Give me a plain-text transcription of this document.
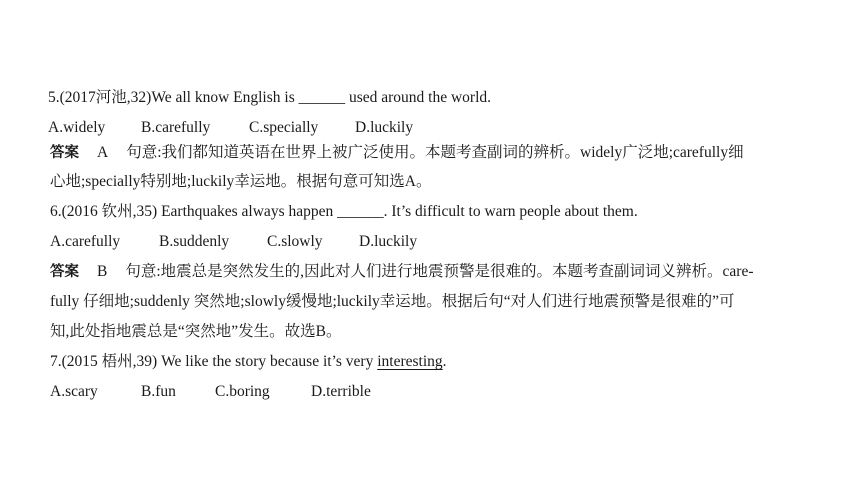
5.(2017河池,32)We all know English is ______ used around the world.
A.widely B.carefully C.specially D.luckily
答案 A 句意:我们都知道英语在世界上被广泛使用。本题考查副词的辨析。widely广泛地;carefully细
心地;specially特别地;luckily幸运地。根据句意可知选A。
6.(2016 钦州,35) Earthquakes always happen ______. It’s difficult to warn people about them.
A.carefully	B.suddenly C.slowly D.luckily
答案 B 句意:地震总是突然发生的,因此对人们进行地震预警是很难的。本题考查副词词义辨析。care-
fully 仔细地;suddenly 突然地;slowly缓慢地;luckily幸运地。根据后句“对人们进行地震预警是很难的”可
知,此处指地震总是“突然地”发生。故选B。
7.(2015 梧州,39) We like the story because it’s very interesting.
A.scary	B.fun	C.boring	D.terrible
